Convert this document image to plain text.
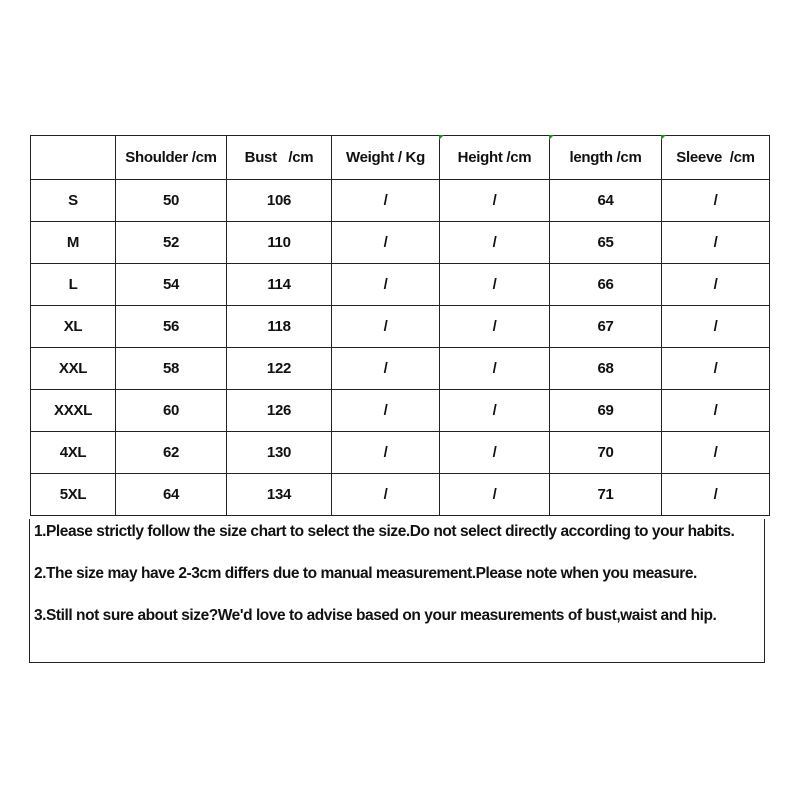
	Shoulder /cm	Bust   /cm	Weight / Kg	Height /cm	length /cm	Sleeve  /cm
S	50	106	/	/	64	/
M	52	110	/	/	65	/
L	54	114	/	/	66	/
XL	56	118	/	/	67	/
XXL	58	122	/	/	68	/
XXXL	60	126	/	/	69	/
4XL	62	130	/	/	70	/
5XL	64	134	/	/	71	/

1.Please strictly follow the size chart to select the size.Do not select directly according to your habits.

2.The size may have 2-3cm differs due to manual measurement.Please note when you measure.

3.Still not sure about size?We'd love to advise based on your measurements of bust,waist and hip.
